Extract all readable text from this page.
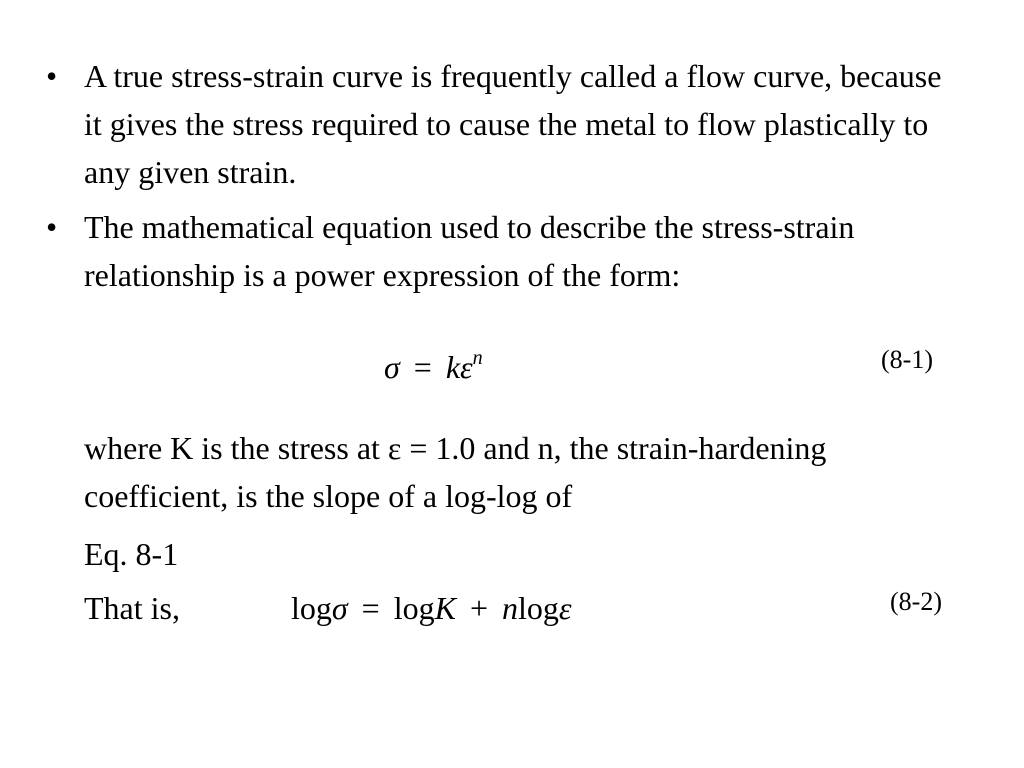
• A true stress-strain curve is frequently called a flow curve, because it gives the stress required to cause the metal to flow plastically to any given strain.
• The mathematical equation used to describe the stress-strain relationship is a power expression of the form:
$\sigma = k\varepsilon^n$	(8-1)
where K is the stress at ε = 1.0 and n, the strain-hardening coefficient, is the slope of a log-log of
Eq. 8-1
That is,	logσ = logK + nlogε	(8-2)
